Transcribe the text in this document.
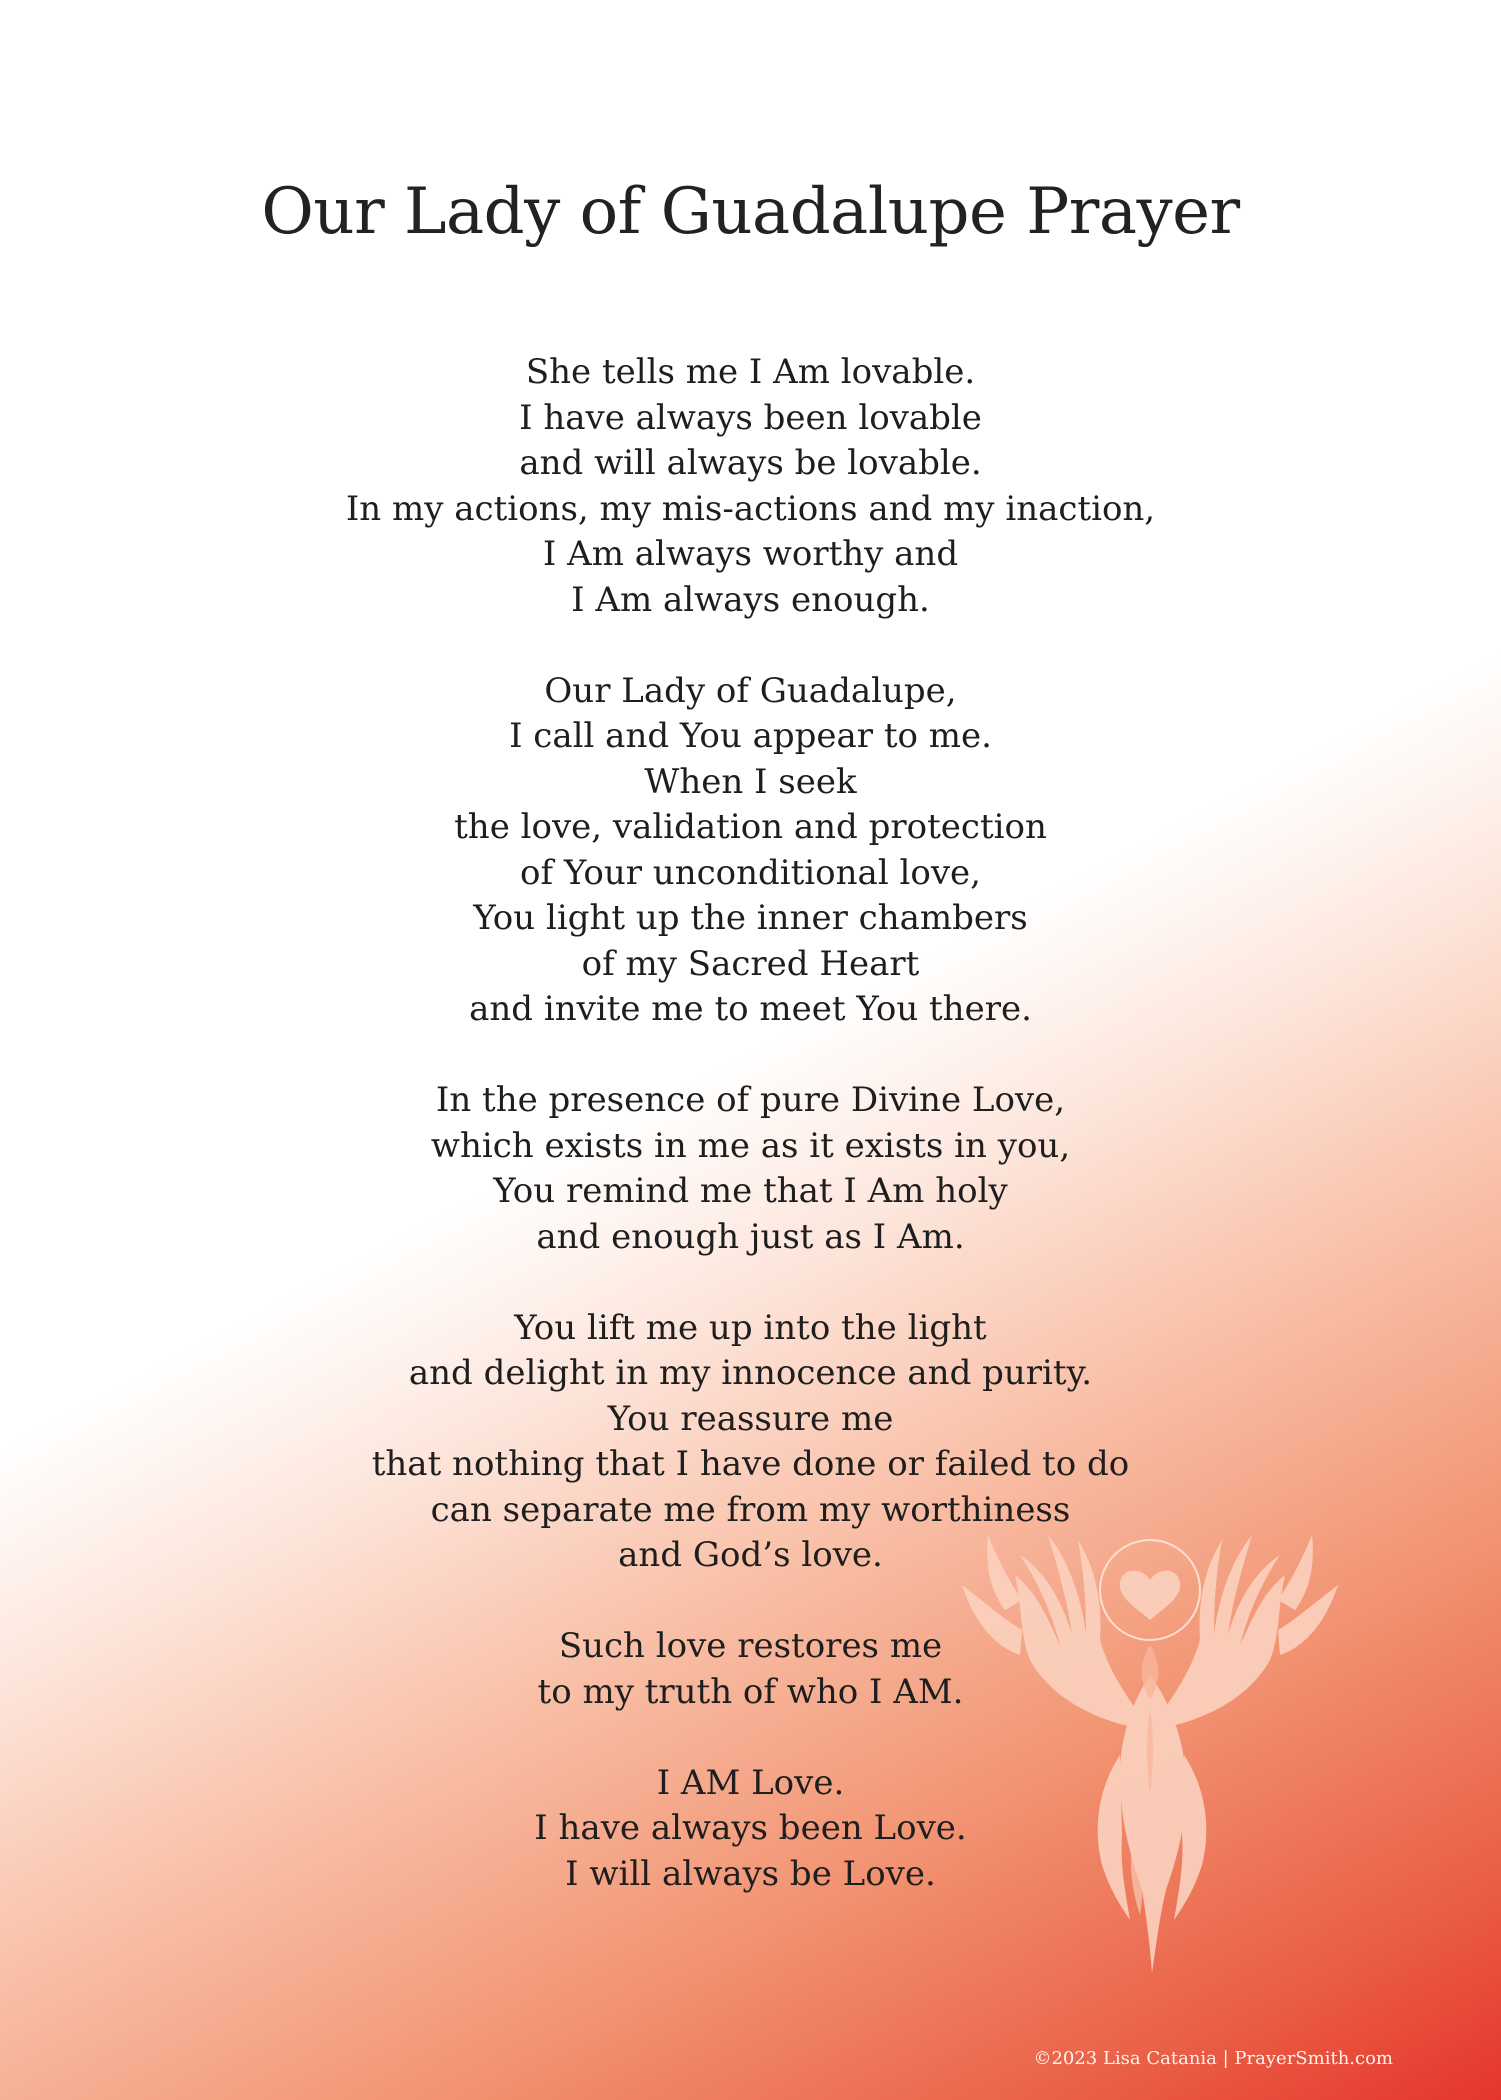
Our Lady of Guadalupe Prayer
She tells me I Am lovable.
I have always been lovable
and will always be lovable.
In my actions, my mis-actions and my inaction,
I Am always worthy and
I Am always enough.
Our Lady of Guadalupe,
I call and You appear to me.
When I seek
the love, validation and protection
of Your unconditional love,
You light up the inner chambers
of my Sacred Heart
and invite me to meet You there.
In the presence of pure Divine Love,
which exists in me as it exists in you,
You remind me that I Am holy
and enough just as I Am.
You lift me up into the light
and delight in my innocence and purity.
You reassure me
that nothing that I have done or failed to do
can separate me from my worthiness
and God’s love.
Such love restores me
to my truth of who I AM.
I AM Love.
I have always been Love.
I will always be Love.
©2023 Lisa Catania | PrayerSmith.com
